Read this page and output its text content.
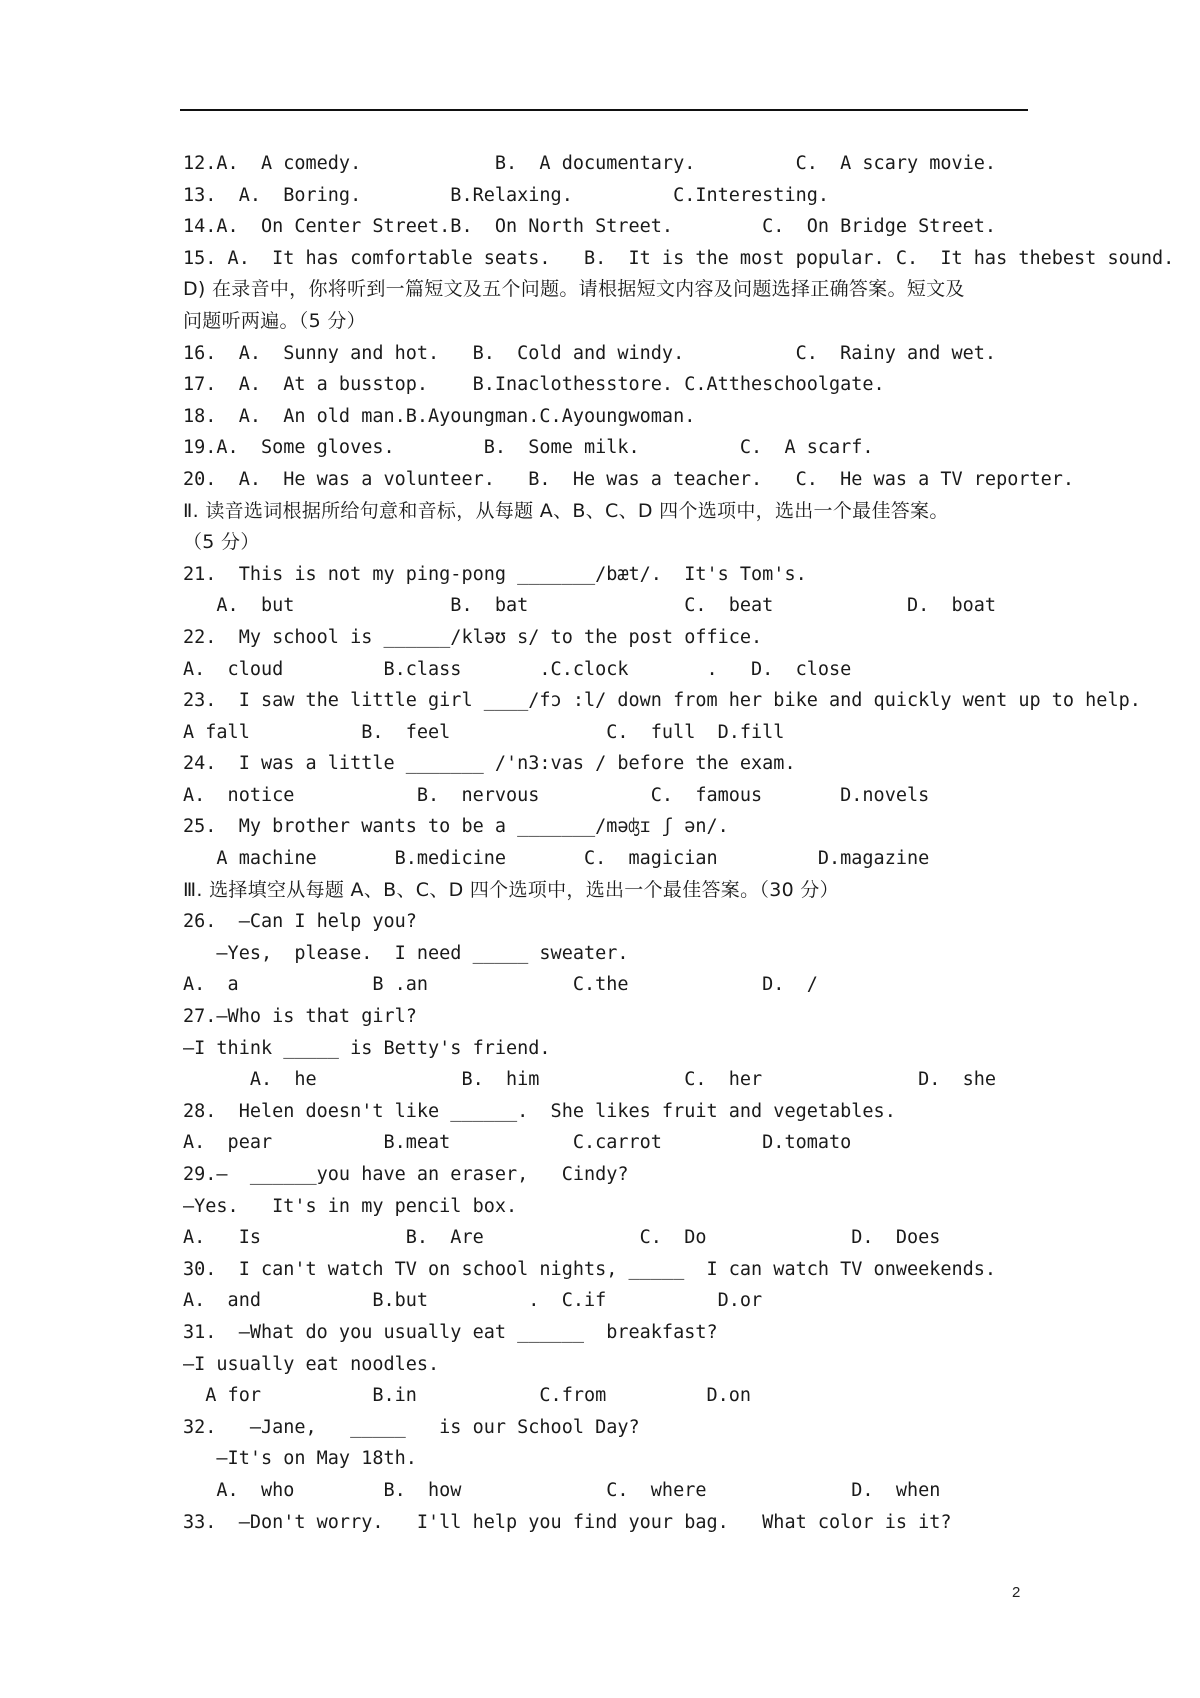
12.A.  A comedy.            B.  A documentary.         C.  A scary movie.
13.  A.  Boring.        B.Relaxing.         C.Interesting.
14.A.  On Center Street.B.  On North Street.        C.  On Bridge Street.
15. A.  It has comfortable seats.   B.  It is the most popular. C.  It has thebest sound.
D) 在录音中，你将听到一篇短文及五个问题。请根据短文内容及问题选择正确答案。短文及
问题听两遍。（5 分）
16.  A.  Sunny and hot.   B.  Cold and windy.          C.  Rainy and wet.
17.  A.  At a busstop.    B.Inaclothesstore. C.Attheschoolgate.
18.  A.  An old man.B.Ayoungman.C.Ayoungwoman.
19.A.  Some gloves.        B.  Some milk.         C.  A scarf.
20.  A.  He was a volunteer.   B.  He was a teacher.   C.  He was a TV reporter.
Ⅱ. 读音选词根据所给句意和音标，从每题 A、B、C、D 四个选项中，选出一个最佳答案。
（5 分）
21.  This is not my ping-pong _______/bæt/.  It's Tom's.
A.  but              B.  bat              C.  beat            D.  boat
22.  My school is ______/kləʊ s/ to the post office.
A.  cloud         B.class       .C.clock       .   D.  close
23.  I saw the little girl ____/fɔ :l/ down from her bike and quickly went up to help.
A fall          B.  feel              C.  full  D.fill
24.  I was a little _______ /'n3:vas / before the exam.
A.  notice           B.  nervous          C.  famous       D.novels
25.  My brother wants to be a _______/məʤɪ ʃ ən/.
A machine       B.medicine       C.  magician         D.magazine
Ⅲ. 选择填空从每题 A、B、C、D 四个选项中，选出一个最佳答案。（30 分）
26.  —Can I help you?
—Yes,  please.  I need _____ sweater.
A.  a            B .an             C.the            D.  /
27.—Who is that girl?
—I think _____ is Betty's friend.
A.  he             B.  him             C.  her              D.  she
28.  Helen doesn't like ______.  She likes fruit and vegetables.
A.  pear          B.meat           C.carrot         D.tomato
29.—  ______you have an eraser,   Cindy?
—Yes.   It's in my pencil box.
A.   Is             B.  Are              C.  Do             D.  Does
30.  I can't watch TV on school nights, _____  I can watch TV onweekends.
A.  and          B.but         .  C.if          D.or
31.  —What do you usually eat ______  breakfast?
—I usually eat noodles.
A for          B.in           C.from         D.on
32.   —Jane,   _____   is our School Day?
—It's on May 18th.
A.  who        B.  how             C.  where             D.  when
33.  —Don't worry.   I'll help you find your bag.   What color is it?
2
